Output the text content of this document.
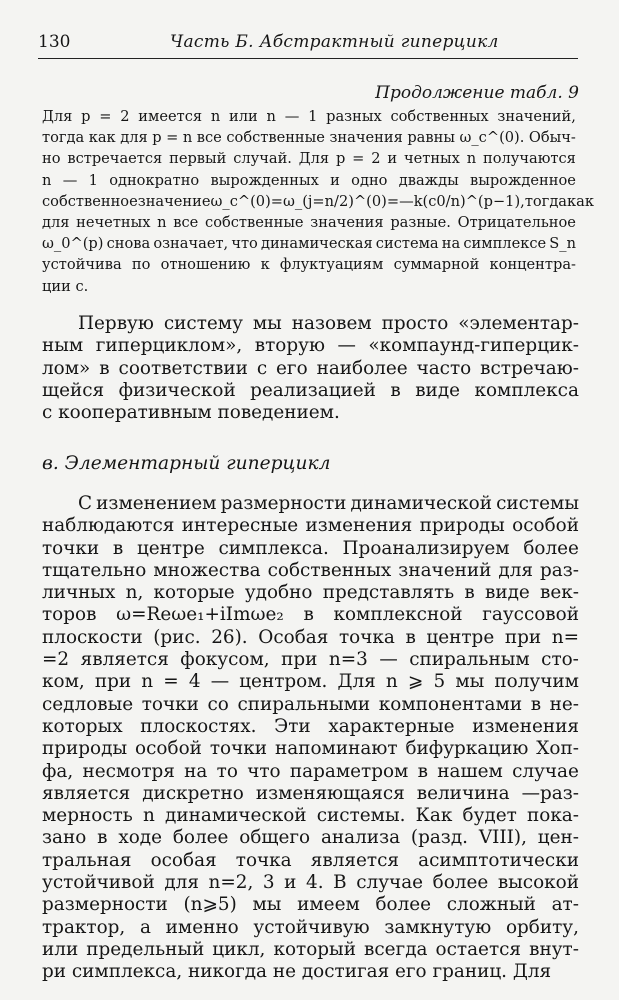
130	Часть Б. Абстрактный гиперцикл
Продолжение табл. 9
Для p = 2 имеется n или n — 1 разных собственных значений,
тогда как для p = n все собственные значения равны ω_c^(0). Обыч-
но встречается первый случай. Для p = 2 и четных n получаются
n — 1 однократно вырожденных и одно дважды вырожденное
собственное значение ω_c^(0) = ω_(j=n/2)^(0) = — k(c0/n)^(p−1), тогда как
для нечетных n все собственные значения разные. Отрицательное
ω_0^(p) снова означает, что динамическая система на симплексе S_n
устойчива по отношению к флуктуациям суммарной концентра-
ции c.
Первую систему мы назовем просто «элементар-
ным гиперциклом», вторую — «компаунд-гиперцик-
лом» в соответствии с его наиболее часто встречаю-
щейся физической реализацией в виде комплекса
с кооперативным поведением.
в. Элементарный гиперцикл
С изменением размерности динамической системы
наблюдаются интересные изменения природы особой
точки в центре симплекса. Проанализируем более
тщательно множества собственных значений для раз-
личных n, которые удобно представлять в виде век-
торов ω=Reωe₁+iImωe₂ в комплексной гауссовой
плоскости (рис. 26). Особая точка в центре при n=
=2 является фокусом, при n=3 — спиральным сто-
ком, при n = 4 — центром. Для n ⩾ 5 мы получим
седловые точки со спиральными компонентами в не-
которых плоскостях. Эти характерные изменения
природы особой точки напоминают бифуркацию Хоп-
фа, несмотря на то что параметром в нашем случае
является дискретно изменяющаяся величина —раз-
мерность n динамической системы. Как будет пока-
зано в ходе более общего анализа (разд. VIII), цен-
тральная особая точка является асимптотически
устойчивой для n=2, 3 и 4. В случае более высокой
размерности (n⩾5) мы имеем более сложный ат-
трактор, а именно устойчивую замкнутую орбиту,
или предельный цикл, который всегда остается внут-
ри симплекса, никогда не достигая его границ. Для
